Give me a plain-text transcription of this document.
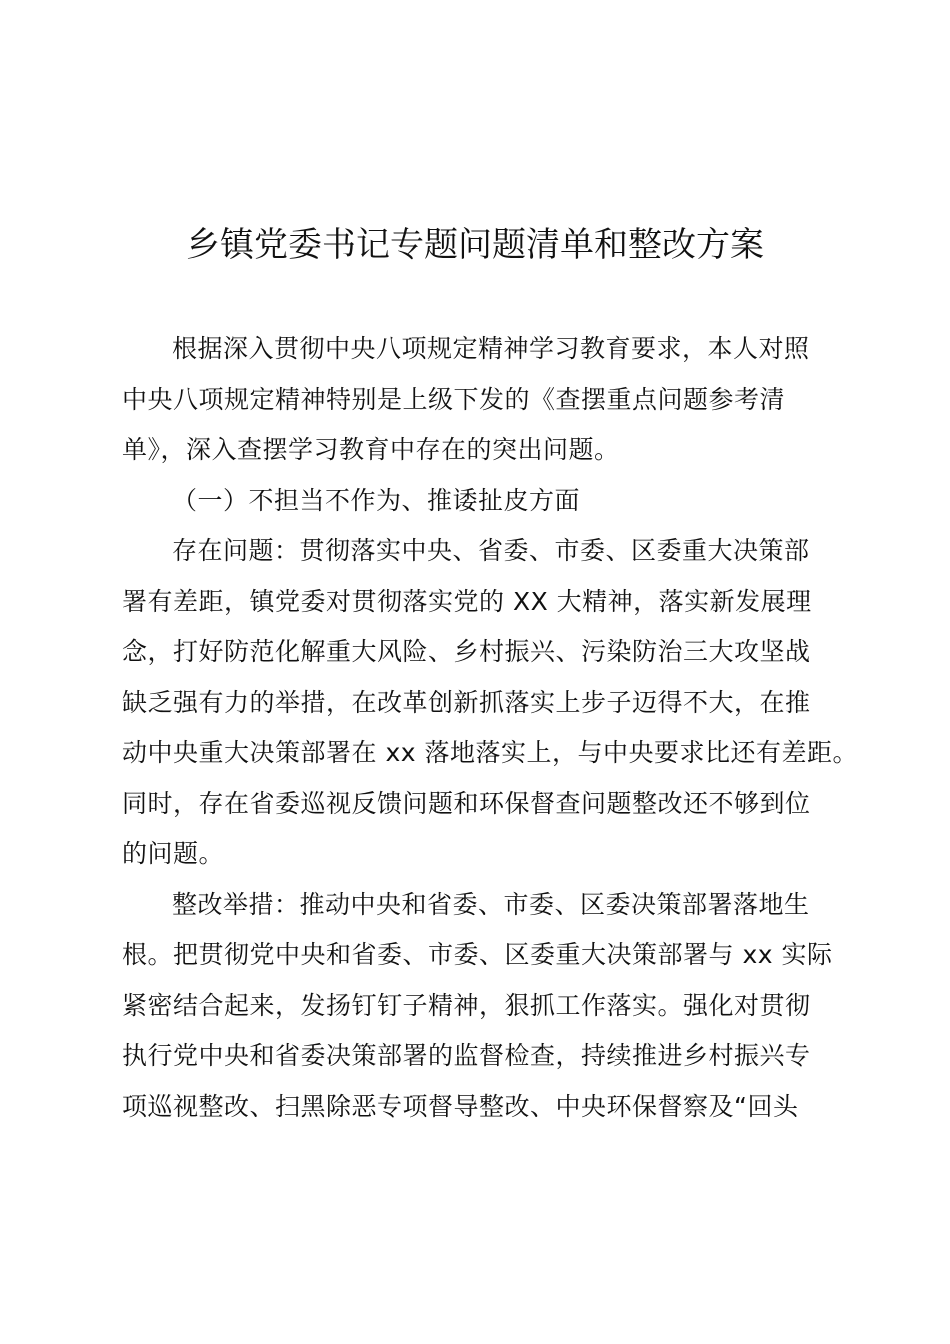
乡镇党委书记专题问题清单和整改方案
根据深入贯彻中央八项规定精神学习教育要求，本人对照
中央八项规定精神特别是上级下发的《查摆重点问题参考清
单》，深入查摆学习教育中存在的突出问题。
（一）不担当不作为、推诿扯皮方面
存在问题：贯彻落实中央、省委、市委、区委重大决策部
署有差距，镇党委对贯彻落实党的 XX 大精神，落实新发展理
念，打好防范化解重大风险、乡村振兴、污染防治三大攻坚战
缺乏强有力的举措，在改革创新抓落实上步子迈得不大，在推
动中央重大决策部署在 xx 落地落实上，与中央要求比还有差距。
同时，存在省委巡视反馈问题和环保督查问题整改还不够到位
的问题。
整改举措：推动中央和省委、市委、区委决策部署落地生
根。把贯彻党中央和省委、市委、区委重大决策部署与 xx 实际
紧密结合起来，发扬钉钉子精神，狠抓工作落实。强化对贯彻
执行党中央和省委决策部署的监督检查，持续推进乡村振兴专
项巡视整改、扫黑除恶专项督导整改、中央环保督察及“回头
